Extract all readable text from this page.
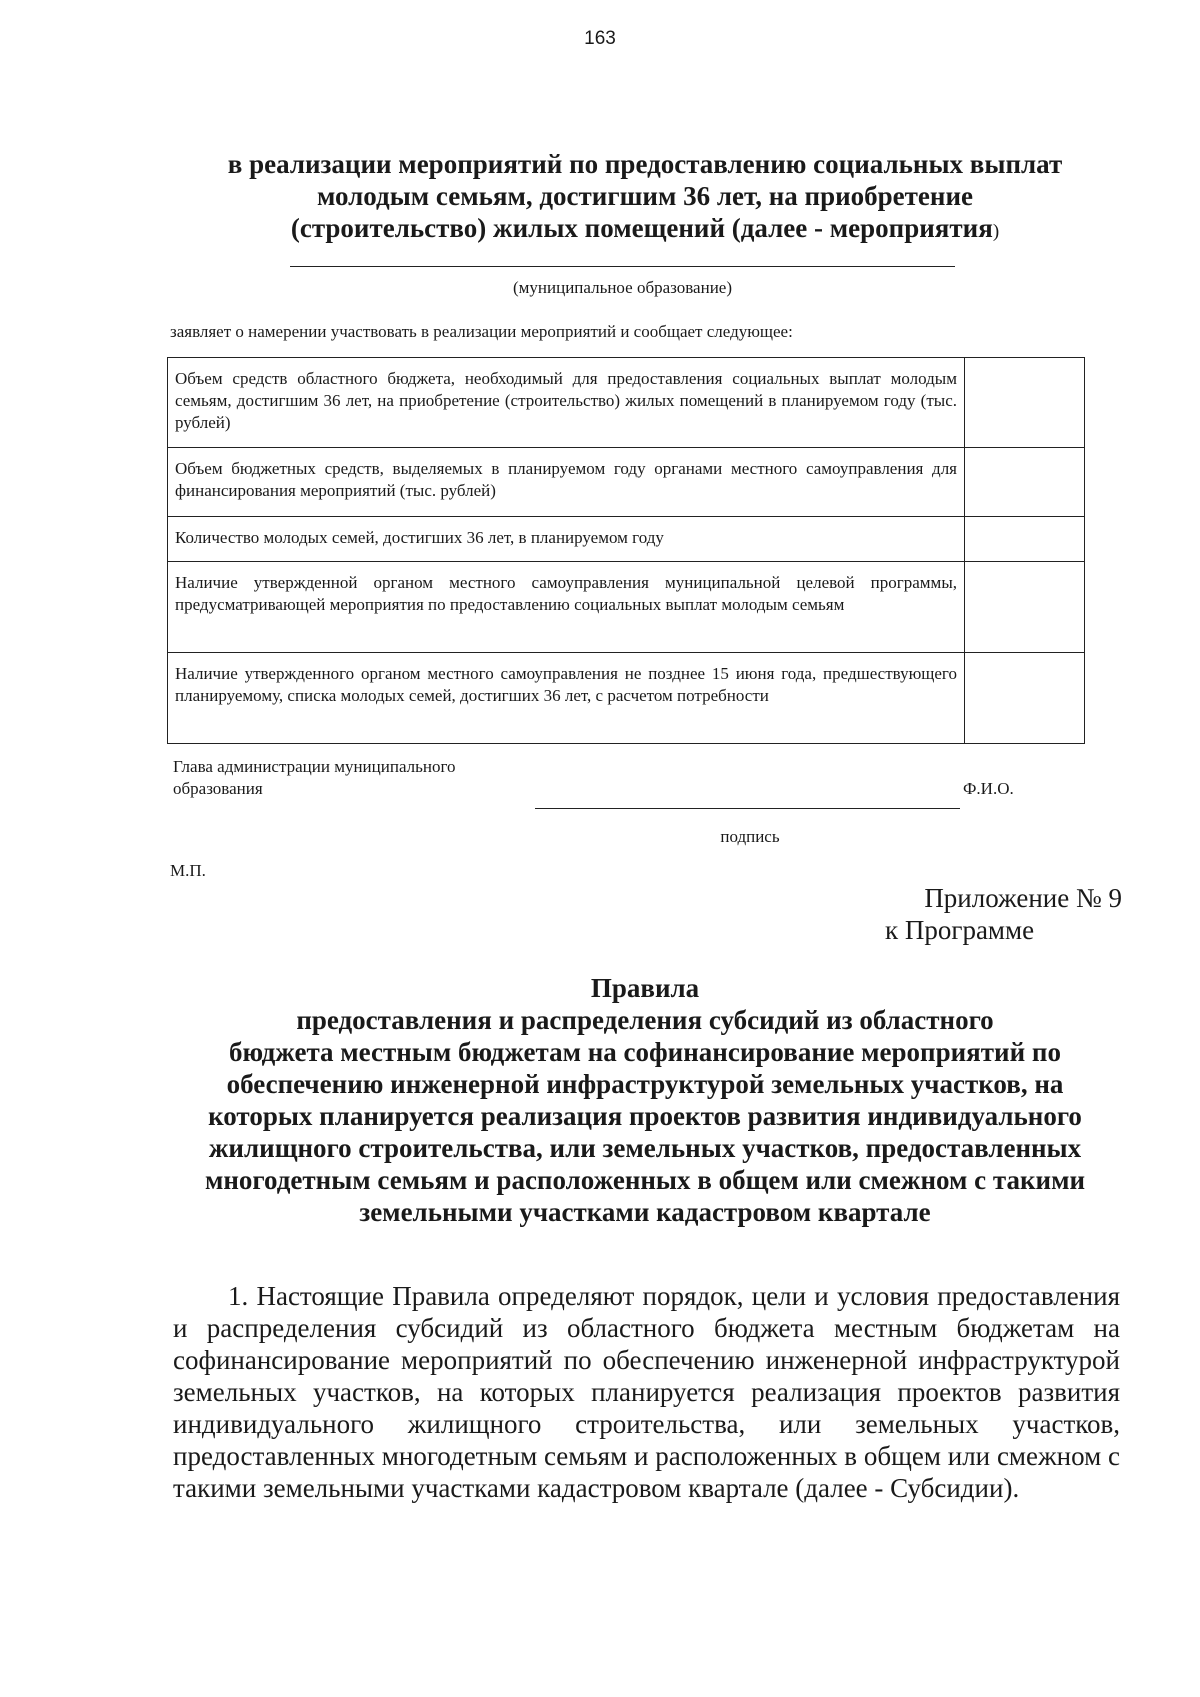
163
в реализации мероприятий по предоставлению социальных выплат
молодым семьям, достигшим 36 лет, на приобретение
(строительство) жилых помещений (далее - мероприятия)
(муниципальное образование)
заявляет о намерении участвовать в реализации мероприятий и сообщает следующее:
Объем средств областного бюджета, необходимый для предоставления социальных выплат молодым семьям, достигшим 36 лет, на приобретение (строительство) жилых помещений в планируемом году (тыс. рублей)	
Объем бюджетных средств, выделяемых в планируемом году органами местного самоуправления для финансирования мероприятий (тыс. рублей)	
Количество молодых семей, достигших 36 лет, в планируемом году	
Наличие утвержденной органом местного самоуправления муниципальной целевой программы, предусматривающей мероприятия по предоставлению социальных выплат молодым семьям	
Наличие утвержденного органом местного самоуправления не позднее 15 июня года, предшествующего планируемому, списка молодых семей, достигших 36 лет, с расчетом потребности	
Глава администрации муниципального
образования	Ф.И.О.
подпись
М.П.
Приложение № 9
к Программе
Правила
предоставления и распределения субсидий из областного
бюджета местным бюджетам на софинансирование мероприятий по
обеспечению инженерной инфраструктурой земельных участков, на
которых планируется реализация проектов развития индивидуального
жилищного строительства, или земельных участков, предоставленных
многодетным семьям и расположенных в общем или смежном с такими
земельными участками кадастровом квартале
1. Настоящие Правила определяют порядок, цели и условия предоставления и распределения субсидий из областного бюджета местным бюджетам на софинансирование мероприятий по обеспечению инженерной инфраструктурой земельных участков, на которых планируется реализация проектов развития индивидуального жилищного строительства, или земельных участков, предоставленных многодетным семьям и расположенных в общем или смежном с такими земельными участками кадастровом квартале (далее - Субсидии).
